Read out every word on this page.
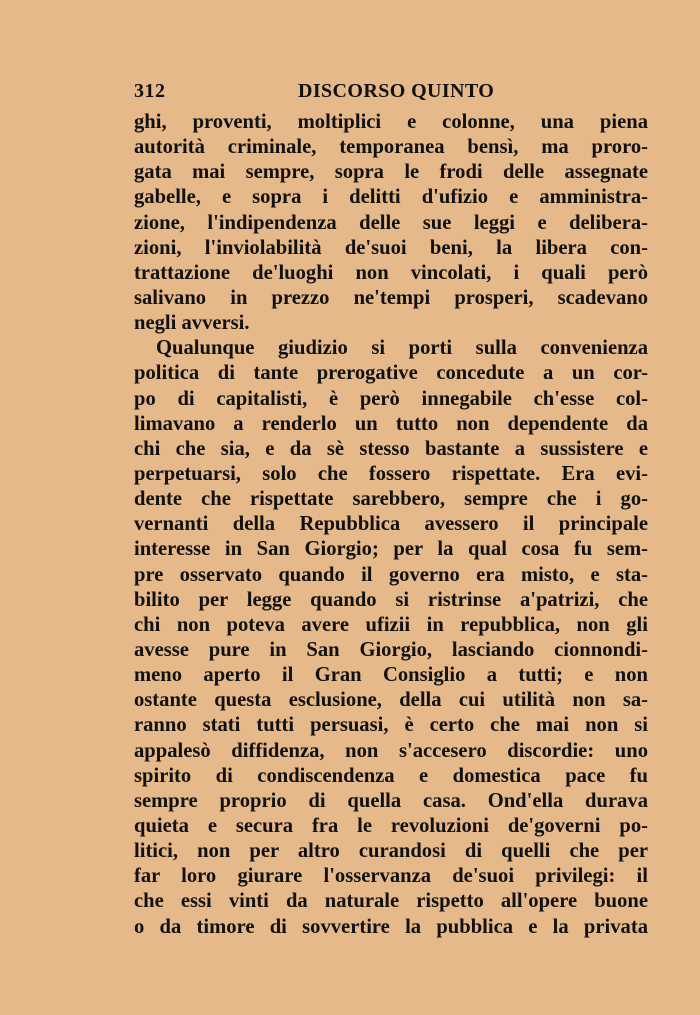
312	DISCORSO QUINTO
ghi, proventi, moltiplici e colonne, una piena
autorità criminale, temporanea bensì, ma proro-
gata mai sempre, sopra le frodi delle assegnate
gabelle, e sopra i delitti d'ufizio e amministra-
zione, l'indipendenza delle sue leggi e delibera-
zioni, l'inviolabilità de'suoi beni, la libera con-
trattazione de'luoghi non vincolati, i quali però
salivano in prezzo ne'tempi prosperi, scadevano
negli avversi.
Qualunque giudizio si porti sulla convenienza
politica di tante prerogative concedute a un cor-
po di capitalisti, è però innegabile ch'esse col-
limavano a renderlo un tutto non dependente da
chi che sia, e da sè stesso bastante a sussistere e
perpetuarsi, solo che fossero rispettate. Era evi-
dente che rispettate sarebbero, sempre che i go-
vernanti della Repubblica avessero il principale
interesse in San Giorgio; per la qual cosa fu sem-
pre osservato quando il governo era misto, e sta-
bilito per legge quando si ristrinse a'patrizi, che
chi non poteva avere ufizii in repubblica, non gli
avesse pure in San Giorgio, lasciando cionnondi-
meno aperto il Gran Consiglio a tutti; e non
ostante questa esclusione, della cui utilità non sa-
ranno stati tutti persuasi, è certo che mai non si
appalesò diffidenza, non s'accesero discordie: uno
spirito di condiscendenza e domestica pace fu
sempre proprio di quella casa. Ond'ella durava
quieta e secura fra le revoluzioni de'governi po-
litici, non per altro curandosi di quelli che per
far loro giurare l'osservanza de'suoi privilegi: il
che essi vinti da naturale rispetto all'opere buone
o da timore di sovvertire la pubblica e la privata
